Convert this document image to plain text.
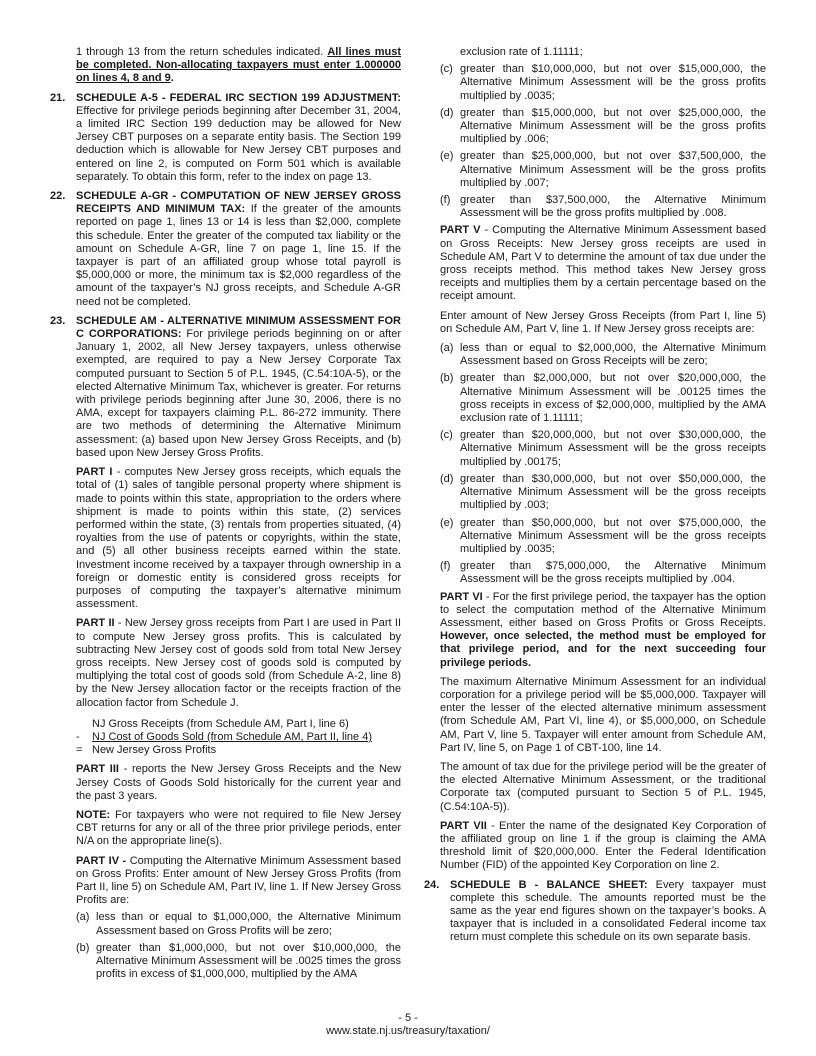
1 through 13 from the return schedules indicated. All lines must be completed. Non-allocating taxpayers must enter 1.000000 on lines 4, 8 and 9.

21. SCHEDULE A-5 - FEDERAL IRC SECTION 199 ADJUSTMENT: Effective for privilege periods beginning after December 31, 2004, a limited IRC Section 199 deduction may be allowed for New Jersey CBT purposes on a separate entity basis. The Section 199 deduction which is allowable for New Jersey CBT purposes and entered on line 2, is computed on Form 501 which is available separately. To obtain this form, refer to the index on page 13.

22. SCHEDULE A-GR - COMPUTATION OF NEW JERSEY GROSS RECEIPTS AND MINIMUM TAX: If the greater of the amounts reported on page 1, lines 13 or 14 is less than $2,000, complete this schedule. Enter the greater of the computed tax liability or the amount on Schedule A-GR, line 7 on page 1, line 15. If the taxpayer is part of an affiliated group whose total payroll is $5,000,000 or more, the minimum tax is $2,000 regardless of the amount of the taxpayer’s NJ gross receipts, and Schedule A-GR need not be completed.

23. SCHEDULE AM - ALTERNATIVE MINIMUM ASSESSMENT FOR C CORPORATIONS: For privilege periods beginning on or after January 1, 2002, all New Jersey taxpayers, unless otherwise exempted, are required to pay a New Jersey Corporate Tax computed pursuant to Section 5 of P.L. 1945, (C.54:10A-5), or the elected Alternative Minimum Tax, whichever is greater. For returns with privilege periods beginning after June 30, 2006, there is no AMA, except for taxpayers claiming P.L. 86-272 immunity. There are two methods of determining the Alternative Minimum assessment: (a) based upon New Jersey Gross Receipts, and (b) based upon New Jersey Gross Profits.

PART I - computes New Jersey gross receipts, which equals the total of (1) sales of tangible personal property where shipment is made to points within this state, appropriation to the orders where shipment is made to points within this state, (2) services performed within the state, (3) rentals from properties situated, (4) royalties from the use of patents or copyrights, within the state, and (5) all other business receipts earned within the state. Investment income received by a taxpayer through ownership in a foreign or domestic entity is considered gross receipts for purposes of computing the taxpayer’s alternative minimum assessment.

PART II - New Jersey gross receipts from Part I are used in Part II to compute New Jersey gross profits. This is calculated by subtracting New Jersey cost of goods sold from total New Jersey gross receipts. New Jersey cost of goods sold is computed by multiplying the total cost of goods sold (from Schedule A-2, line 8) by the New Jersey allocation factor or the receipts fraction of the allocation factor from Schedule J.

NJ Gross Receipts (from Schedule AM, Part I, line 6)
- NJ Cost of Goods Sold (from Schedule AM, Part II, line 4)
= New Jersey Gross Profits

PART III - reports the New Jersey Gross Receipts and the New Jersey Costs of Goods Sold historically for the current year and the past 3 years.

NOTE: For taxpayers who were not required to file New Jersey CBT returns for any or all of the three prior privilege periods, enter N/A on the appropriate line(s).

PART IV - Computing the Alternative Minimum Assessment based on Gross Profits: Enter amount of New Jersey Gross Profits (from Part II, line 5) on Schedule AM, Part IV, line 1. If New Jersey Gross Profits are:

(a) less than or equal to $1,000,000, the Alternative Minimum Assessment based on Gross Profits will be zero;

(b) greater than $1,000,000, but not over $10,000,000, the Alternative Minimum Assessment will be .0025 times the gross profits in excess of $1,000,000, multiplied by the AMA

exclusion rate of 1.11111;

(c) greater than $10,000,000, but not over $15,000,000, the Alternative Minimum Assessment will be the gross profits multiplied by .0035;

(d) greater than $15,000,000, but not over $25,000,000, the Alternative Minimum Assessment will be the gross profits multiplied by .006;

(e) greater than $25,000,000, but not over $37,500,000, the Alternative Minimum Assessment will be the gross profits multiplied by .007;

(f) greater than $37,500,000, the Alternative Minimum Assessment will be the gross profits multiplied by .008.

PART V - Computing the Alternative Minimum Assessment based on Gross Receipts: New Jersey gross receipts are used in Schedule AM, Part V to determine the amount of tax due under the gross receipts method. This method takes New Jersey gross receipts and multiplies them by a certain percentage based on the receipt amount.

Enter amount of New Jersey Gross Receipts (from Part I, line 5) on Schedule AM, Part V, line 1. If New Jersey gross receipts are:

(a) less than or equal to $2,000,000, the Alternative Minimum Assessment based on Gross Receipts will be zero;

(b) greater than $2,000,000, but not over $20,000,000, the Alternative Minimum Assessment will be .00125 times the gross receipts in excess of $2,000,000, multiplied by the AMA exclusion rate of 1.11111;

(c) greater than $20,000,000, but not over $30,000,000, the Alternative Minimum Assessment will be the gross receipts multiplied by .00175;

(d) greater than $30,000,000, but not over $50,000,000, the Alternative Minimum Assessment will be the gross receipts multiplied by .003;

(e) greater than $50,000,000, but not over $75,000,000, the Alternative Minimum Assessment will be the gross receipts multiplied by .0035;

(f) greater than $75,000,000, the Alternative Minimum Assessment will be the gross receipts multiplied by .004.

PART VI - For the first privilege period, the taxpayer has the option to select the computation method of the Alternative Minimum Assessment, either based on Gross Profits or Gross Receipts. However, once selected, the method must be employed for that privilege period, and for the next succeeding four privilege periods.

The maximum Alternative Minimum Assessment for an individual corporation for a privilege period will be $5,000,000. Taxpayer will enter the lesser of the elected alternative minimum assessment (from Schedule AM, Part VI, line 4), or $5,000,000, on Schedule AM, Part V, line 5. Taxpayer will enter amount from Schedule AM, Part IV, line 5, on Page 1 of CBT-100, line 14.

The amount of tax due for the privilege period will be the greater of the elected Alternative Minimum Assessment, or the traditional Corporate tax (computed pursuant to Section 5 of P.L. 1945, (C.54:10A-5)).

PART VII - Enter the name of the designated Key Corporation of the affiliated group on line 1 if the group is claiming the AMA threshold limit of $20,000,000. Enter the Federal Identification Number (FID) of the appointed Key Corporation on line 2.

24. SCHEDULE B - BALANCE SHEET: Every taxpayer must complete this schedule. The amounts reported must be the same as the year end figures shown on the taxpayer’s books. A taxpayer that is included in a consolidated Federal income tax return must complete this schedule on its own separate basis.

- 5 -
www.state.nj.us/treasury/taxation/
